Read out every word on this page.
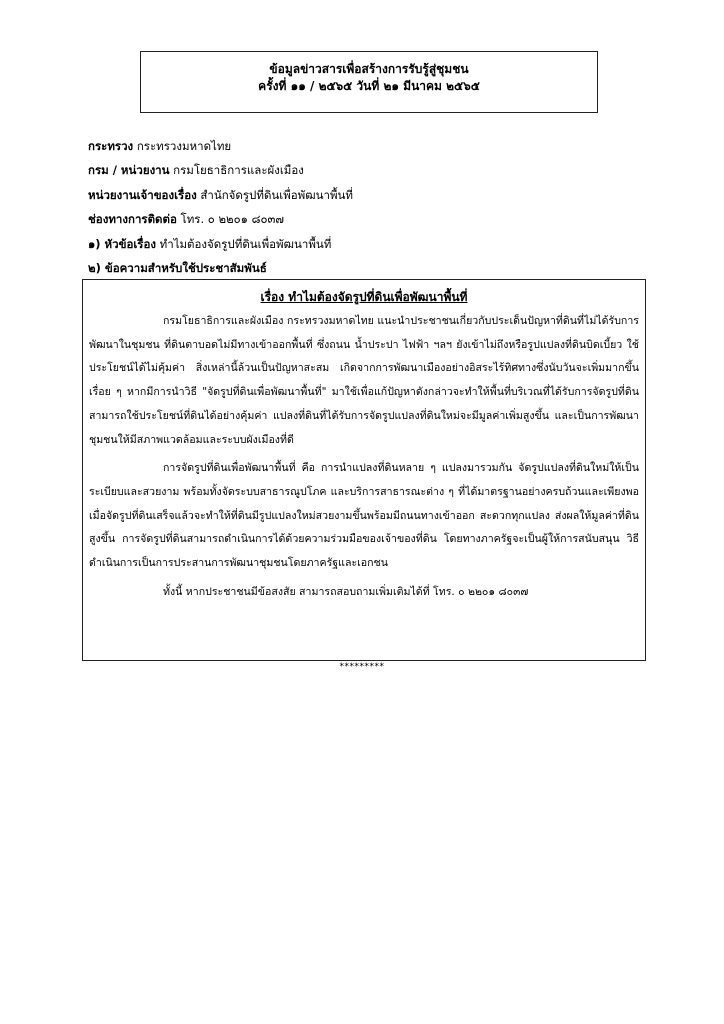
ข้อมูลข่าวสารเพื่อสร้างการรับรู้สู่ชุมชน
ครั้งที่ ๑๑ / ๒๕๖๕ วันที่ ๒๑ มีนาคม ๒๕๖๕
กระทรวง กระทรวงมหาดไทย
กรม / หน่วยงาน กรมโยธาธิการและผังเมือง
หน่วยงานเจ้าของเรื่อง สำนักจัดรูปที่ดินเพื่อพัฒนาพื้นที่
ช่องทางการติดต่อ โทร. ๐ ๒๒๐๑ ๘๐๓๗
๑) หัวข้อเรื่อง ทำไมต้องจัดรูปที่ดินเพื่อพัฒนาพื้นที่
๒) ข้อความสำหรับใช้ประชาสัมพันธ์
เรื่อง ทำไมต้องจัดรูปที่ดินเพื่อพัฒนาพื้นที่

กรมโยธาธิการและผังเมือง กระทรวงมหาดไทย แนะนำประชาชนเกี่ยวกับประเด็นปัญหาที่ดินที่ไม่ได้รับการพัฒนาในชุมชน ที่ดินตาบอดไม่มีทางเข้าออกพื้นที่ ซึ่งถนน น้ำประปา ไฟฟ้า ฯลฯ ยังเข้าไม่ถึงหรือรูปแปลงที่ดินบิดเบี้ยว ใช้ประโยชน์ได้ไม่คุ้มค่า สิ่งเหล่านี้ล้วนเป็นปัญหาสะสม เกิดจากการพัฒนาเมืองอย่างอิสระไร้ทิศทางซึ่งนับวันจะเพิ่มมากขึ้นเรื่อย ๆ หากมีการนำวิธี "จัดรูปที่ดินเพื่อพัฒนาพื้นที่" มาใช้เพื่อแก้ปัญหาดังกล่าวจะทำให้พื้นที่บริเวณที่ได้รับการจัดรูปที่ดิน สามารถใช้ประโยชน์ที่ดินได้อย่างคุ้มค่า แปลงที่ดินที่ได้รับการจัดรูปแปลงที่ดินใหม่จะมีมูลค่าเพิ่มสูงขึ้น และเป็นการพัฒนาชุมชนให้มีสภาพแวดล้อมและระบบผังเมืองที่ดี

การจัดรูปที่ดินเพื่อพัฒนาพื้นที่ คือ การนำแปลงที่ดินหลาย ๆ แปลงมารวมกัน จัดรูปแปลงที่ดินใหม่ให้เป็นระเบียบและสวยงาม พร้อมทั้งจัดระบบสาธารณูปโภค และบริการสาธารณะต่าง ๆ ที่ได้มาตรฐานอย่างครบถ้วนและเพียงพอ เมื่อจัดรูปที่ดินเสร็จแล้วจะทำให้ที่ดินมีรูปแปลงใหม่สวยงามขึ้นพร้อมมีถนนทางเข้าออก สะดวกทุกแปลง ส่งผลให้มูลค่าที่ดินสูงขึ้น การจัดรูปที่ดินสามารถดำเนินการได้ด้วยความร่วมมือของเจ้าของที่ดิน โดยทางภาครัฐจะเป็นผู้ให้การสนับสนุน วิธีดำเนินการเป็นการประสานการพัฒนาชุมชนโดยภาครัฐและเอกชน

ทั้งนี้ หากประชาชนมีข้อสงสัย สามารถสอบถามเพิ่มเติมได้ที่ โทร. ๐ ๒๒๐๑ ๘๐๓๗

*********
